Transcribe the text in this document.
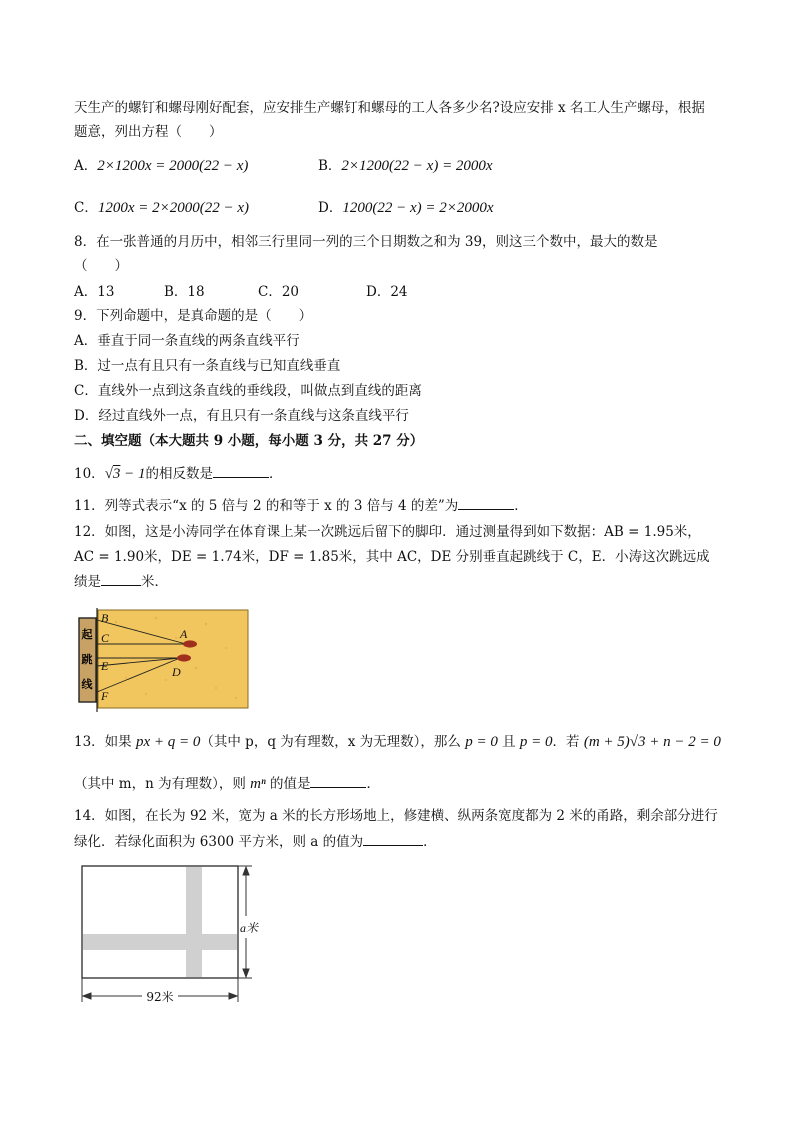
天生产的螺钉和螺母刚好配套，应安排生产螺钉和螺母的工人各多少名?设应安排 x 名工人生产螺母，根据
题意，列出方程（　　）
A．2×1200x = 2000(22 − x)	B．2×1200(22 − x) = 2000x
C．1200x = 2×2000(22 − x)	D．1200(22 − x) = 2×2000x
8．在一张普通的月历中，相邻三行里同一列的三个日期数之和为 39，则这三个数中，最大的数是
（　　）
A．13	B．18	C．20	D．24
9．下列命题中，是真命题的是（　　）
A．垂直于同一条直线的两条直线平行
B．过一点有且只有一条直线与已知直线垂直
C．直线外一点到这条直线的垂线段，叫做点到直线的距离
D．经过直线外一点，有且只有一条直线与这条直线平行
二、填空题（本大题共 9 小题，每小题 3 分，共 27 分）
10．√3 − 1的相反数是	．
11．列等式表示“x 的 5 倍与 2 的和等于 x 的 3 倍与 4 的差”为	．
12．如图，这是小涛同学在体育课上某一次跳远后留下的脚印．通过测量得到如下数据：AB = 1.95米，
AC = 1.90米，DE = 1.74米，DF = 1.85米，其中 AC，DE 分别垂直起跳线于 C，E．小涛这次跳远成
绩是	米．
起
跳
线
B
C	A
E	D
F
13．如果 px + q = 0（其中 p，q 为有理数，x 为无理数），那么 p = 0 且 p = 0．若 (m + 5)√3 + n − 2 = 0
（其中 m，n 为有理数），则 mⁿ 的值是	．
14．如图，在长为 92 米，宽为 a 米的长方形场地上，修建横、纵两条宽度都为 2 米的甬路，剩余部分进行
绿化．若绿化面积为 6300 平方米，则 a 的值为	．
a米
92米
